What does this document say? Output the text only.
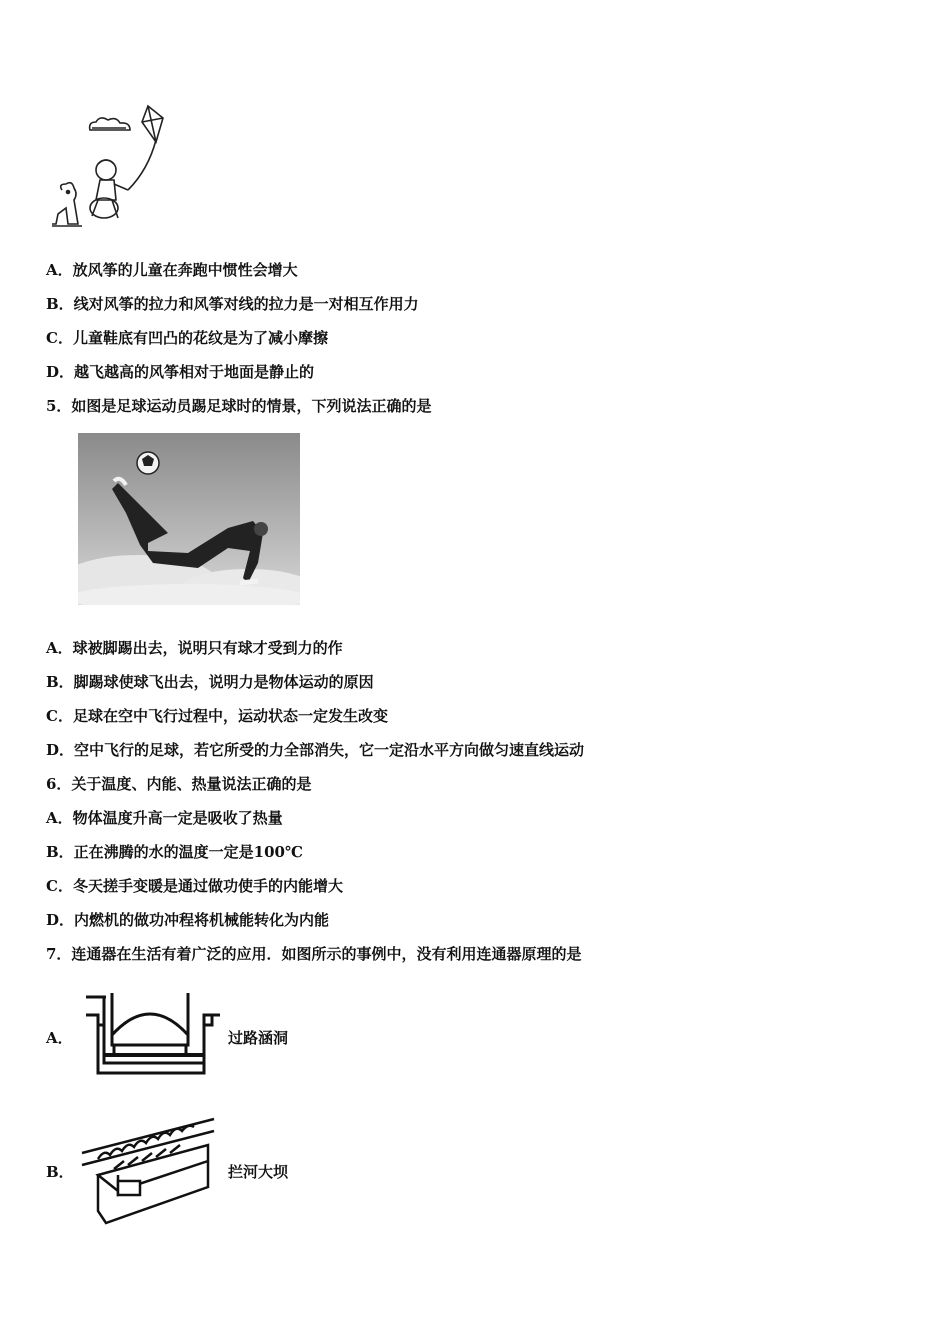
A．放风筝的儿童在奔跑中惯性会增大
B．线对风筝的拉力和风筝对线的拉力是一对相互作用力
C．儿童鞋底有凹凸的花纹是为了减小摩擦
D．越飞越高的风筝相对于地面是静止的
5．如图是足球运动员踢足球时的情景，下列说法正确的是
A．球被脚踢出去，说明只有球才受到力的作
B．脚踢球使球飞出去，说明力是物体运动的原因
C．足球在空中飞行过程中，运动状态一定发生改变
D．空中飞行的足球，若它所受的力全部消失，它一定沿水平方向做匀速直线运动
6．关于温度、内能、热量说法正确的是
A．物体温度升高一定是吸收了热量
B．正在沸腾的水的温度一定是100℃
C．冬天搓手变暖是通过做功使手的内能增大
D．内燃机的做功冲程将机械能转化为内能
7．连通器在生活有着广泛的应用．如图所示的事例中，没有利用连通器原理的是
A．	过路涵洞
B．	拦河大坝
